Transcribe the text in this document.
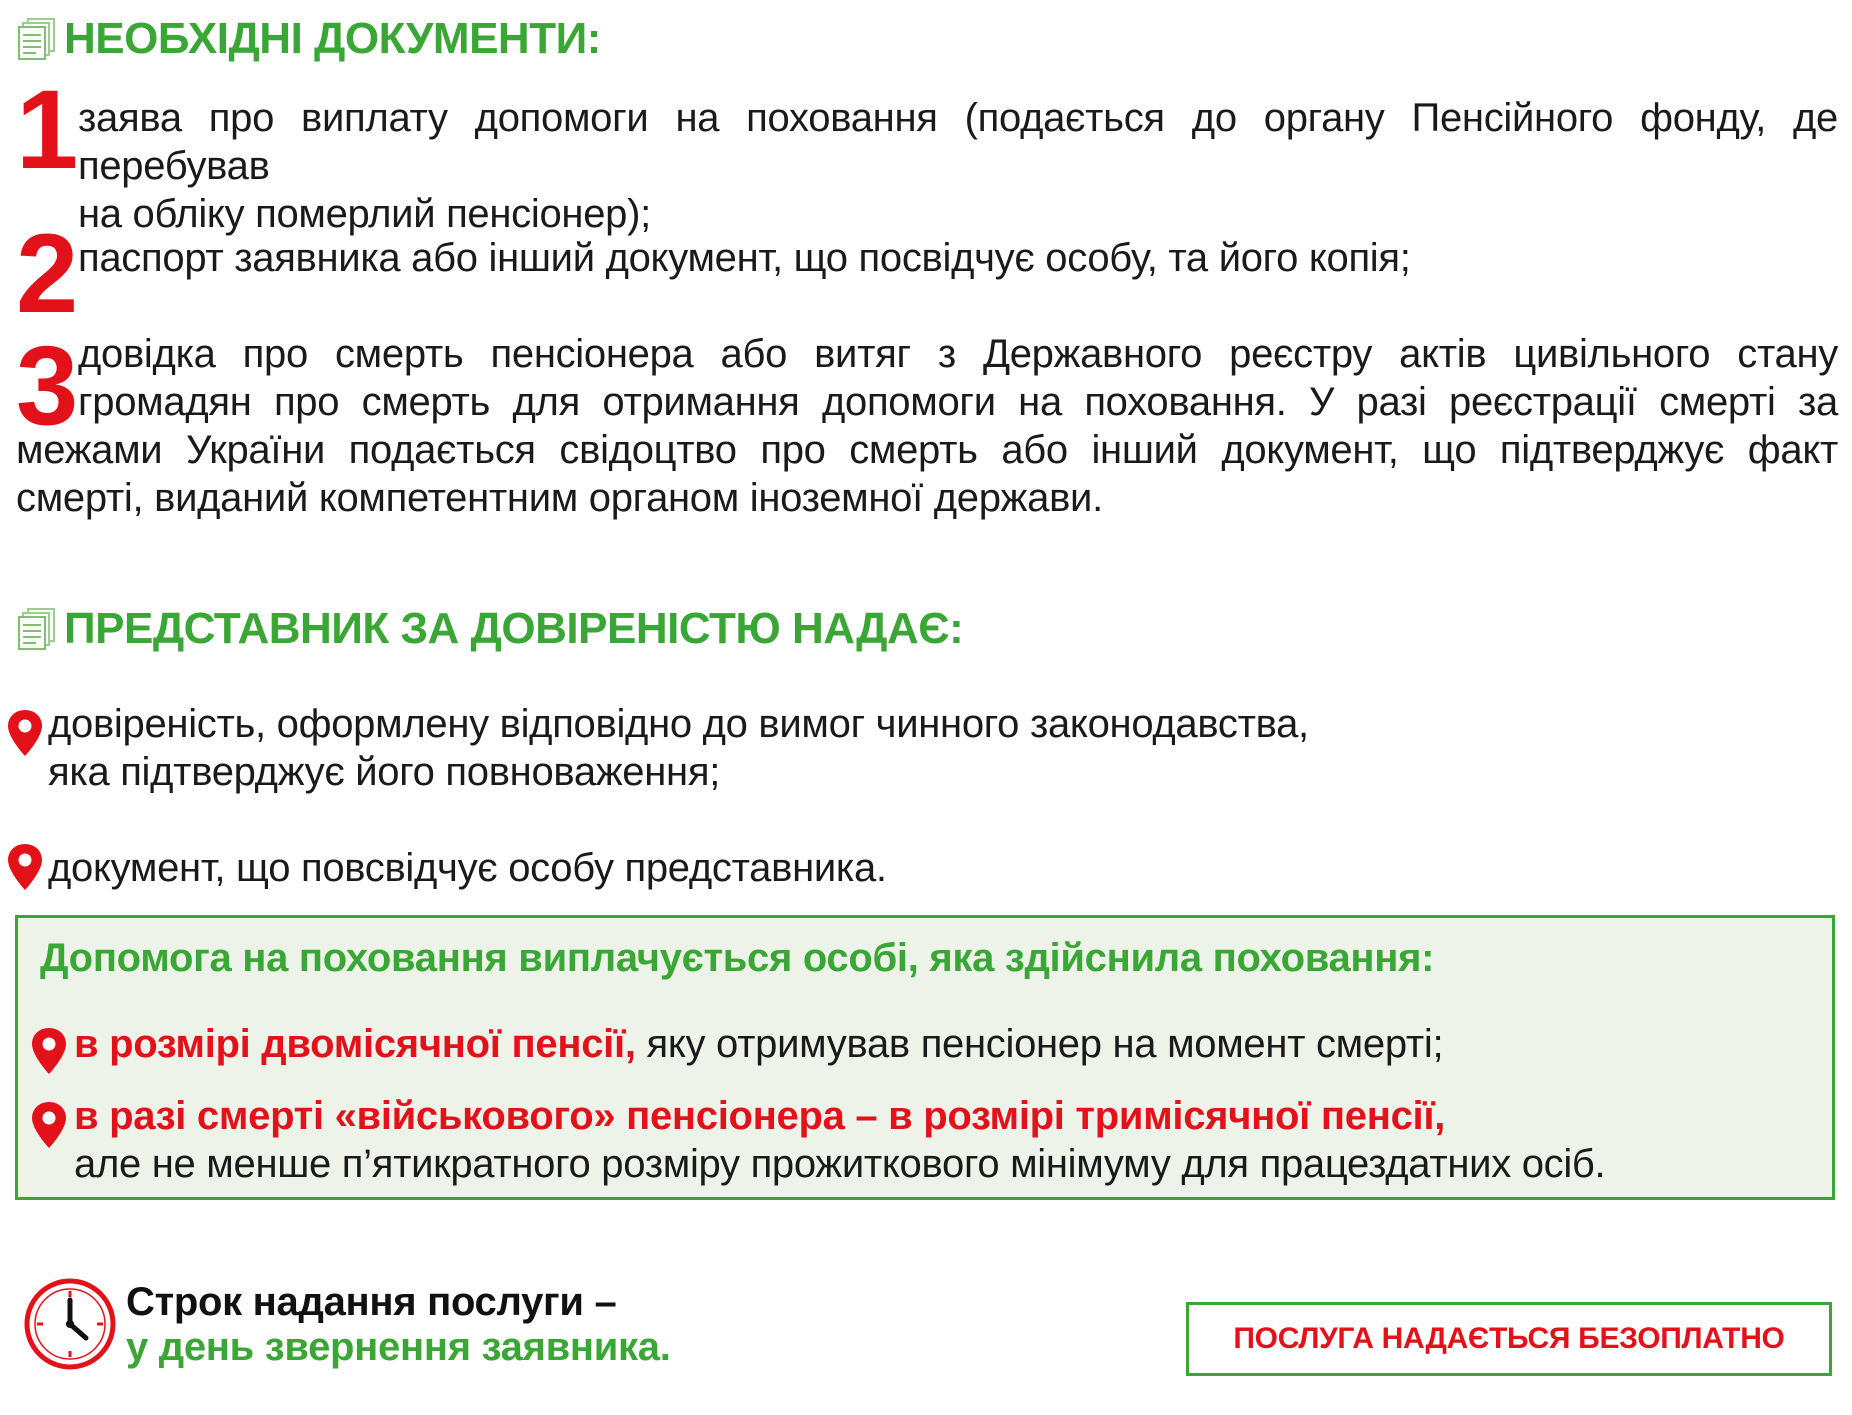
НЕОБХІДНІ ДОКУМЕНТИ:
1 заява про виплату допомоги на поховання (подається до органу Пенсійного фонду, де перебував
на обліку померлий пенсіонер);
2 паспорт заявника або інший документ, що посвідчує особу, та його копія;
3 довідка про смерть пенсіонера або витяг з Державного реєстру актів цивільного стану
громадян про смерть для отримання допомоги на поховання. У разі реєстрації смерті за
межами України подається свідоцтво про смерть або інший документ, що підтверджує факт
смерті, виданий компетентним органом іноземної держави.
ПРЕДСТАВНИК ЗА ДОВІРЕНІСТЮ НАДАЄ:
довіреність, оформлену відповідно до вимог чинного законодавства,
яка підтверджує його повноваження;
документ, що повсвідчує особу представника.
Допомога на поховання виплачується особі, яка здійснила поховання:
в розмірі двомісячної пенсії, яку отримував пенсіонер на момент смерті;
в разі смерті «військового» пенсіонера – в розмірі тримісячної пенсії,
але не менше п’ятикратного розміру прожиткового мінімуму для працездатних осіб.
Строк надання послуги –
у день звернення заявника.	ПОСЛУГА НАДАЄТЬСЯ БЕЗОПЛАТНО
